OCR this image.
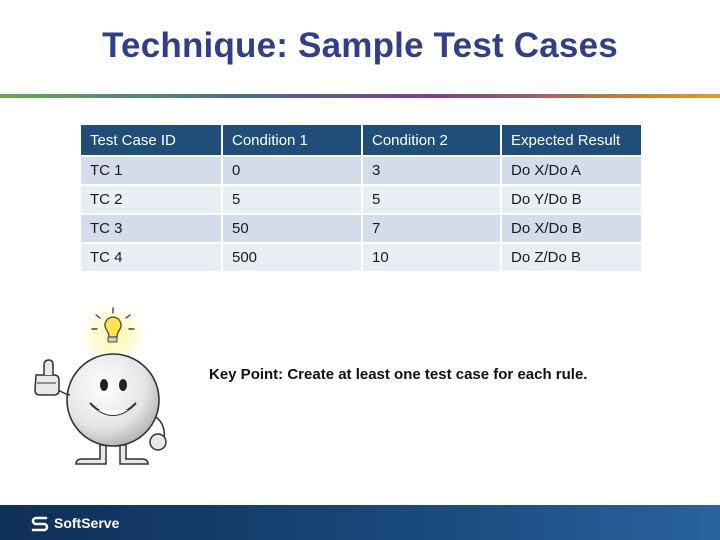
Technique: Sample Test Cases
Test Case ID	Condition 1	Condition 2	Expected Result
TC 1	0	3	Do X/Do A
TC 2	5	5	Do Y/Do B
TC 3	50	7	Do X/Do B
TC 4	500	10	Do Z/Do B
Key Point: Create at least one test case for each rule.
SoftServe
